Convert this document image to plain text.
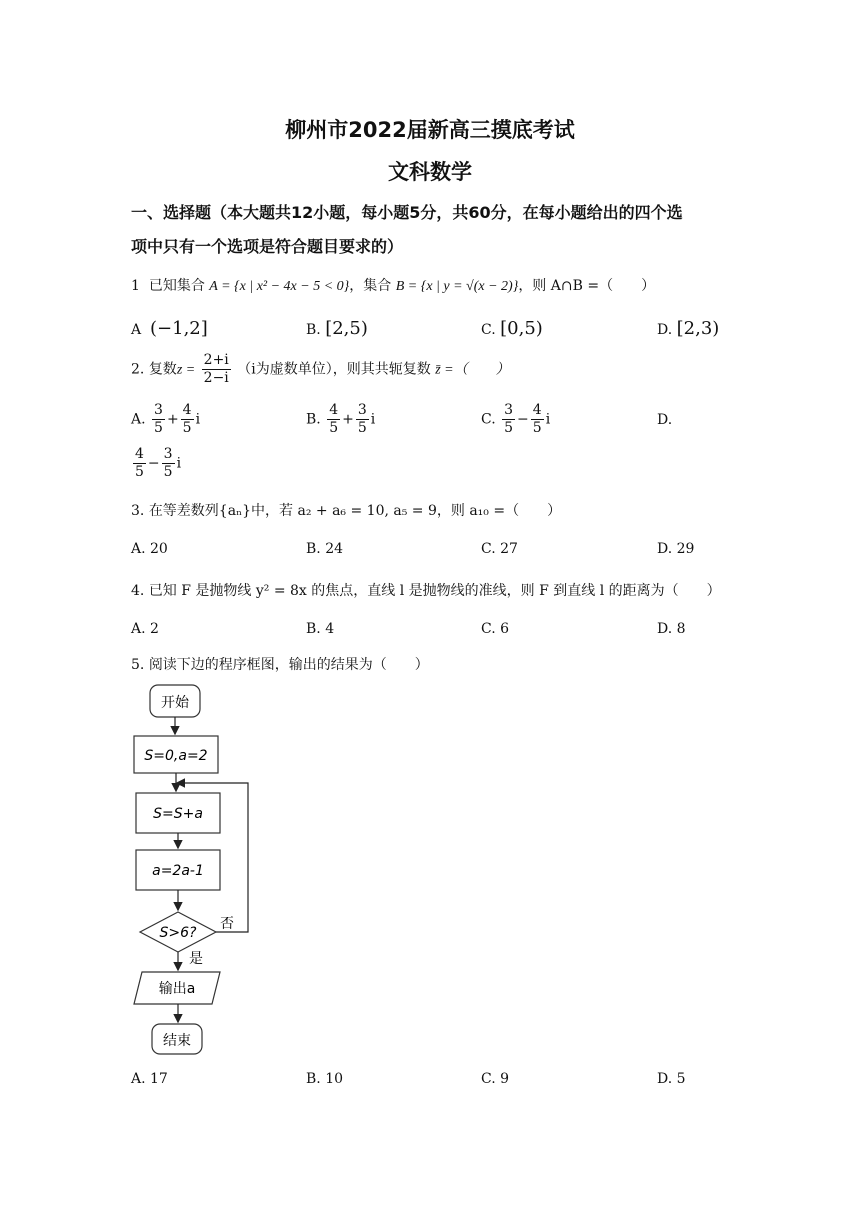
柳州市2022届新高三摸底考试
文科数学
一、选择题（本大题共12小题，每小题5分，共60分，在每小题给出的四个选
项中只有一个选项是符合题目要求的）
1 已知集合 A = {x | x² − 4x − 5 < 0}，集合 B = {x | y = √(x − 2)}，则 A∩B =（　　）
A (−1,2]	B. [2,5)	C. [0,5)	D. [2,3)
2. 复数$z = \frac{2+i}{2-i} (i$为虚数单位），则其共轭复数 z̄ =（　　）
A. $\frac{3}{5} + \frac{4}{5}$ i	B. $\frac{4}{5} + \frac{3}{5}$ i	C. $\frac{3}{5} - \frac{4}{5}$ i	D.
$\frac{4}{5} - \frac{3}{5}$ i
3. 在等差数列{aₙ}中，若 a₂ + a₆ = 10, a₅ = 9，则 a₁₀ =（　　）
A. 20	B. 24	C. 27	D. 29
4. 已知 F 是抛物线 y² = 8x 的焦点，直线 l 是抛物线的准线，则 F 到直线 l 的距离为（　　）
A. 2	B. 4	C. 6	D. 8
5. 阅读下边的程序框图，输出的结果为（　　）
开始
S=0,a=2
S=S+a
a=2a-1
S>6?
否
是
输出a
结束
A. 17	B. 10	C. 9	D. 5
